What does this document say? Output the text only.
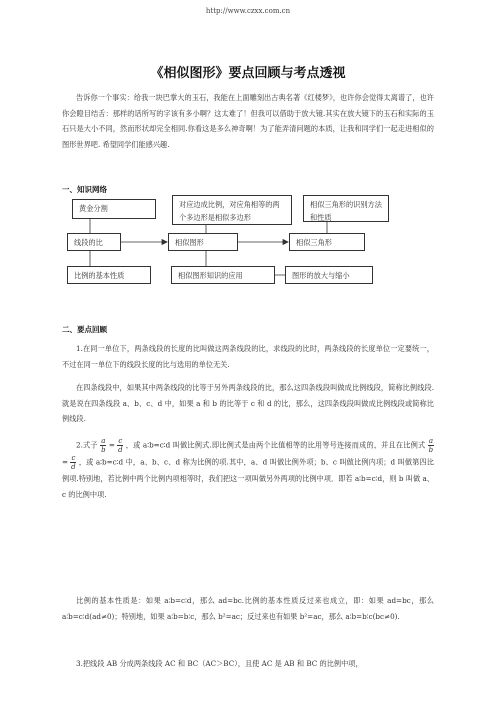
http://www.czxx.com.cn
《相似图形》要点回顾与考点透视

告诉你一个事实：给我一块巴掌大的玉石，我能在上面雕刻出古典名著《红楼梦》，也许你会觉得太离谱了，也许你会瞪目结舌：那样的话所写的字该有多小啊？这太难了！但我可以借助于放大镜.其实在放大镜下的玉石和实际的玉石只是大小不同，然而形状却完全相同.你看这是多么神奇啊！为了能弄清问题的本质，让我和同学们一起走进相似的图形世界吧. 希望同学们能感兴趣.

一、知识网络
黄金分割	对应边成比例，对应角相等的两个多边形是相似多边形
相似三角形的识别方法和性质
线段的比	相似图形	相似三角形
比例的基本性质	相似图形知识的应用	图形的放大与缩小
二、要点回顾

1.在同一单位下，两条线段的长度的比叫做这两条线段的比，求线段的比时，两条线段的长度单位一定要统一，不过在同一单位下的线段长度的比与选用的单位无关.

在四条线段中，如果其中两条线段的比等于另外两条线段的比，那么这四条线段叫做成比例线段，简称比例线段.就是说在四条线段 a、b、c、d 中，如果 a 和 b 的比等于 c 和 d 的比，那么，这四条线段叫做成比例线段或简称比例线段.

2.式子 $\frac{a}{b} = \frac{c}{d}$ ，或 a∶b=c∶d 叫做比例式.即比例式是由两个比值相等的比用等号连接而成的，并且在比例式 $\frac{a}{b}$
= $\frac{c}{d}$ ，或 a∶b=c∶d 中，a、b、c、d 称为比例的项.其中，a、d 叫做比例外项；b、c 叫做比例内项；d 叫做第四比例项.特别地，若比例中两个比例内项相等时，我们把这一项叫做另外两项的比例中项．即若 a∶b=c∶d，则 b 叫做 a、c 的比例中项.

比例的基本性质是：如果 a∶b=c∶d，那么 ad=bc.比例的基本性质反过来也成立，即：如果 ad=bc，那么 a∶b=c∶d(ad≠0)；特别地，如果 a∶b=b∶c，那么 b²=ac；反过来也有如果 b²=ac，那么 a∶b=b∶c(bc≠0).

3.把线段 AB 分成两条线段 AC 和 BC（AC＞BC），且使 AC 是 AB 和 BC 的比例中项，
